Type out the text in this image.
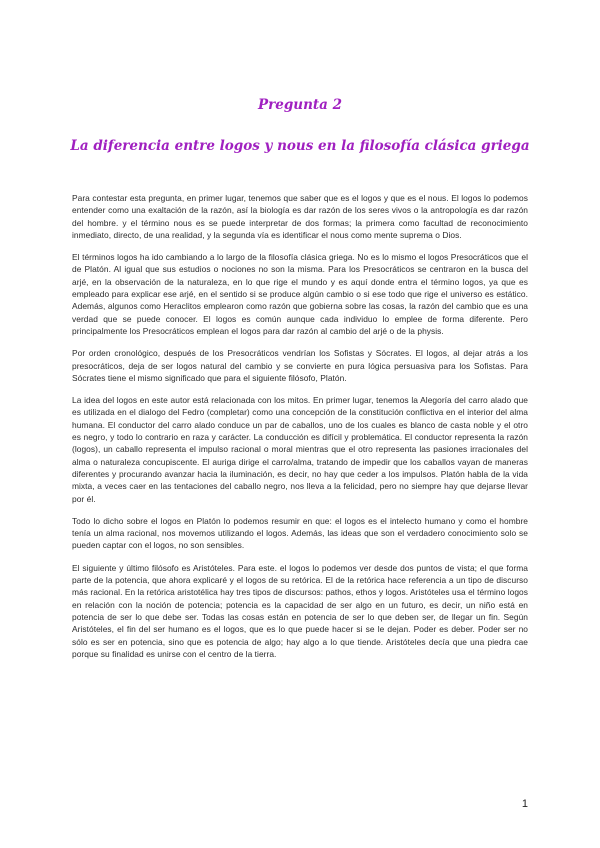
Pregunta 2
La diferencia entre logos y nous en la filosofía clásica griega

Para contestar esta pregunta, en primer lugar, tenemos que saber que es el logos y que es el nous. El logos lo podemos entender como una exaltación de la razón, así la biología es dar razón de los seres vivos o la antropología es dar razón del hombre. y el término nous es se puede interpretar de dos formas; la primera como facultad de reconocimiento inmediato, directo, de una realidad, y la segunda vía es identificar el nous como mente suprema o Dios.

El términos logos ha ido cambiando a lo largo de la filosofía clásica griega. No es lo mismo el logos Presocráticos que el de Platón. Al igual que sus estudios o nociones no son la misma. Para los Presocráticos se centraron en la busca del arjé, en la observación de la naturaleza, en lo que rige el mundo y es aquí donde entra el término logos, ya que es empleado para explicar ese arjé, en el sentido si se produce algún cambio o si ese todo que rige el universo es estático. Además, algunos como Heraclitos emplearon como razón que gobierna sobre las cosas, la razón del cambio que es una verdad que se puede conocer. El logos es común aunque cada individuo lo emplee de forma diferente. Pero principalmente los Presocráticos emplean el logos para dar razón al cambio del arjé o de la physis.

Por orden cronológico, después de los Presocráticos vendrían los Sofistas y Sócrates. El logos, al dejar atrás a los presocráticos, deja de ser logos natural del cambio y se convierte en pura lógica persuasiva para los Sofistas. Para Sócrates tiene el mismo significado que para el siguiente filósofo, Platón.

La idea del logos en este autor está relacionada con los mitos. En primer lugar, tenemos la Alegoría del carro alado que es utilizada en el dialogo del Fedro (completar) como una concepción de la constitución conflictiva en el interior del alma humana. El conductor del carro alado conduce un par de caballos, uno de los cuales es blanco de casta noble y el otro es negro, y todo lo contrario en raza y carácter. La conducción es difícil y problemática. El conductor representa la razón (logos), un caballo representa el impulso racional o moral mientras que el otro representa las pasiones irracionales del alma o naturaleza concupiscente. El auriga dirige el carro/alma, tratando de impedir que los caballos vayan de maneras diferentes y procurando avanzar hacia la iluminación, es decir, no hay que ceder a los impulsos. Platón habla de la vida mixta, a veces caer en las tentaciones del caballo negro, nos lleva a la felicidad, pero no siempre hay que dejarse llevar por él.

Todo lo dicho sobre el logos en Platón lo podemos resumir en que: el logos es el intelecto humano y como el hombre tenía un alma racional, nos movemos utilizando el logos. Además, las ideas que son el verdadero conocimiento solo se pueden captar con el logos, no son sensibles.

El siguiente y último filósofo es Aristóteles. Para este. el logos lo podemos ver desde dos puntos de vista; el que forma parte de la potencia, que ahora explicaré y el logos de su retórica. El de la retórica hace referencia a un tipo de discurso más racional. En la retórica aristotélica hay tres tipos de discursos: pathos, ethos y logos. Aristóteles usa el término logos en relación con la noción de potencia; potencia es la capacidad de ser algo en un futuro, es decir, un niño está en potencia de ser lo que debe ser. Todas las cosas están en potencia de ser lo que deben ser, de llegar un fin. Según Aristóteles, el fin del ser humano es el logos, que es lo que puede hacer si se le dejan. Poder es deber. Poder ser no sólo es ser en potencia, sino que es potencia de algo; hay algo a lo que tiende. Aristóteles decía que una piedra cae porque su finalidad es unirse con el centro de la tierra.

1
